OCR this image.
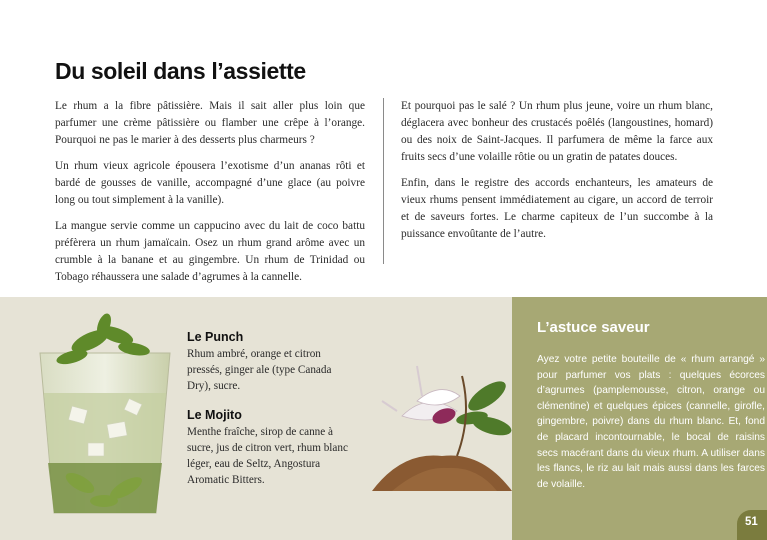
Du soleil dans l’assiette

Le rhum a la fibre pâtissière. Mais il sait aller plus loin que parfumer une crème pâtissière ou flamber une crêpe à l’orange. Pourquoi ne pas le marier à des desserts plus charmeurs ?

Un rhum vieux agricole épousera l’exotisme d’un ananas rôti et bardé de gousses de vanille, accompagné d’une glace (au poivre long ou tout simplement à la vanille).

La mangue servie comme un cappucino avec du lait de coco battu préfèrera un rhum jamaïcain. Osez un rhum grand arôme avec un crumble à la banane et au gingembre. Un rhum de Trinidad ou Tobago réhaussera une salade d’agrumes à la cannelle.

Et pourquoi pas le salé ? Un rhum plus jeune, voire un rhum blanc, déglacera avec bonheur des crustacés poêlés (langoustines, homard) ou des noix de Saint-Jacques. Il parfumera de même la farce aux fruits secs d’une volaille rôtie ou un gratin de patates douces.

Enfin, dans le registre des accords enchanteurs, les amateurs de vieux rhums pensent immédiatement au cigare, un accord de terroir et de saveurs fortes. Le charme capiteux de l’un succombe à la puissance envoûtante de l’autre.

Le Punch
Rhum ambré, orange et citron pressés, ginger ale (type Canada Dry), sucre.
Le Mojito
Menthe fraîche, sirop de canne à sucre, jus de citron vert, rhum blanc léger, eau de Seltz, Angostura Aromatic Bitters.
L’astuce saveur
Ayez votre petite bouteille de « rhum arrangé » pour parfumer vos plats : quelques écorces d’agrumes (pamplemousse, citron, orange ou clémentine) et quelques épices (cannelle, girofle, gingembre, poivre) dans du rhum blanc. Et, fond de placard incontournable, le bocal de raisins secs macérant dans du vieux rhum. A utiliser dans les flancs, le riz au lait mais aussi dans les farces de volaille.
51
